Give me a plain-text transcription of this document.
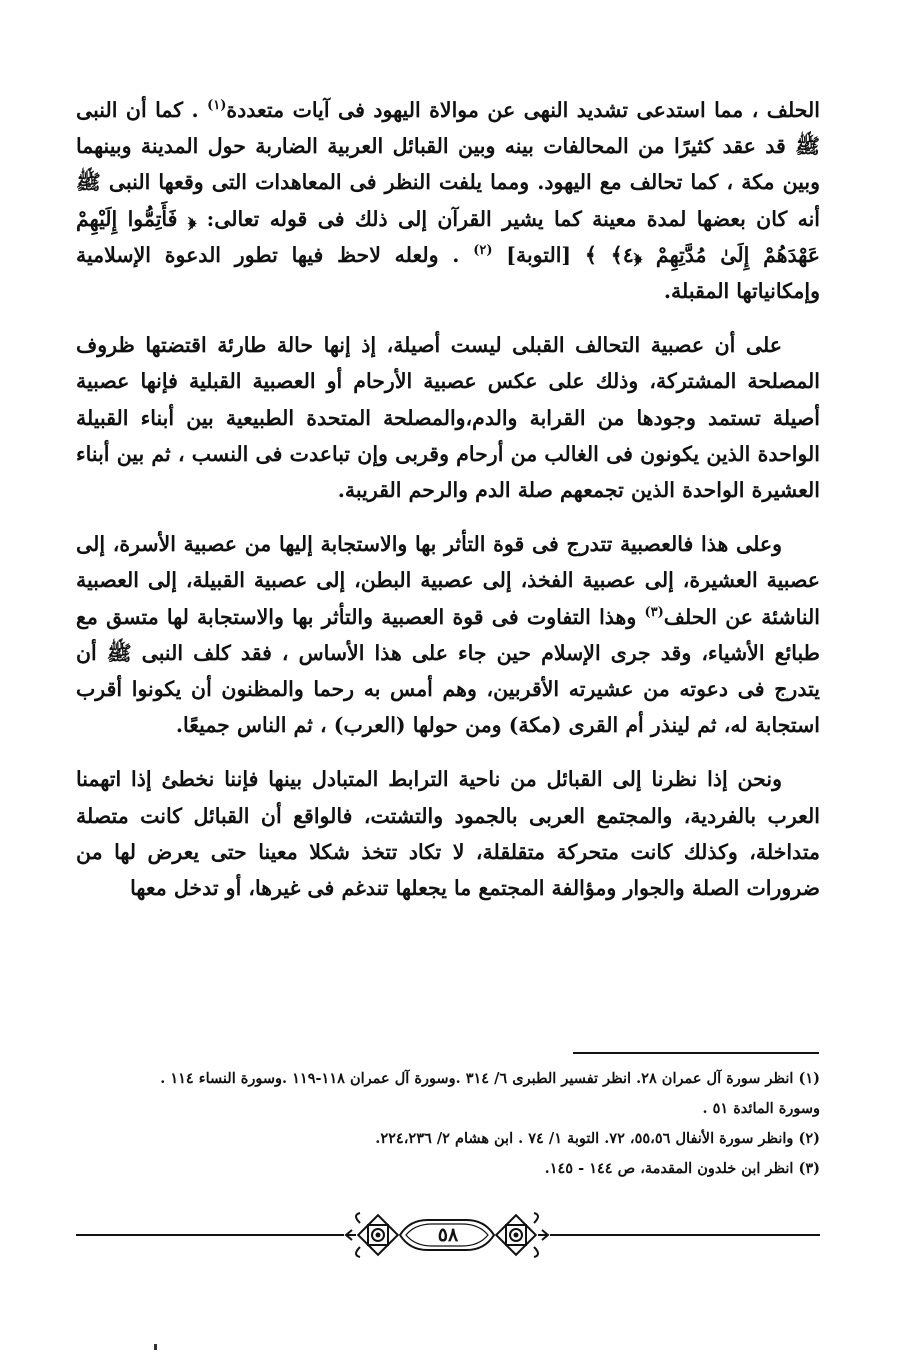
الحلف ، مما استدعى تشديد النهى عن موالاة اليهود فى آيات متعددة$^{(١)}$ . كما أن النبى ﷺ قد عقد كثيرًا من المحالفات بينه وبين القبائل العربية الضاربة حول المدينة وبينهما وبين مكة ، كما تحالف مع اليهود. ومما يلفت النظر فى المعاهدات التى وقعها النبى ﷺ أنه كان بعضها لمدة معينة كما يشير القرآن إلى ذلك فى قوله تعالى: ﴿ فَأَتِمُّوا إِلَيْهِمْ عَهْدَهُمْ إِلَىٰ مُدَّتِهِمْ ﴿٤﴾ ﴾ [التوبة] $^{(٢)}$ . ولعله لاحظ فيها تطور الدعوة الإسلامية وإمكانياتها المقبلة.

على أن عصبية التحالف القبلى ليست أصيلة، إذ إنها حالة طارئة اقتضتها ظروف المصلحة المشتركة، وذلك على عكس عصبية الأرحام أو العصبية القبلية فإنها عصبية أصيلة تستمد وجودها من القرابة والدم،والمصلحة المتحدة الطبيعية بين أبناء القبيلة الواحدة الذين يكونون فى الغالب من أرحام وقربى وإن تباعدت فى النسب ، ثم بين أبناء العشيرة الواحدة الذين تجمعهم صلة الدم والرحم القريبة.

وعلى هذا فالعصبية تتدرج فى قوة التأثر بها والاستجابة إليها من عصبية الأسرة، إلى عصبية العشيرة، إلى عصبية الفخذ، إلى عصبية البطن، إلى عصبية القبيلة، إلى العصبية الناشئة عن الحلف$^{(٣)}$ وهذا التفاوت فى قوة العصبية والتأثر بها والاستجابة لها متسق مع طبائع الأشياء، وقد جرى الإسلام حين جاء على هذا الأساس ، فقد كلف النبى ﷺ أن يتدرج فى دعوته من عشيرته الأقربين، وهم أمس به رحما والمظنون أن يكونوا أقرب استجابة له، ثم لينذر أم القرى (مكة) ومن حولها (العرب) ، ثم الناس جميعًا.

ونحن إذا نظرنا إلى القبائل من ناحية الترابط المتبادل بينها فإننا نخطئ إذا اتهمنا العرب بالفردية، والمجتمع العربى بالجمود والتشتت، فالواقع أن القبائل كانت متصلة متداخلة، وكذلك كانت متحركة متقلقلة، لا تكاد تتخذ شكلا معينا حتى يعرض لها من ضرورات الصلة والجوار ومؤالفة المجتمع ما يجعلها تندغم فى غيرها، أو تدخل معها

(١) انظر سورة آل عمران ٢٨. انظر تفسير الطبرى ٦/ ٣١٤ .وسورة آل عمران ١١٨-١١٩ .وسورة النساء ١١٤ .

وسورة المائدة ٥١ .

(٢) وانظر سورة الأنفال ٥٥،٥٦، ٧٢. التوبة ١/ ٧٤ . ابن هشام ٢/ ٢٢٤،٢٣٦.

(٣) انظر ابن خلدون المقدمة، ص ١٤٤ - ١٤٥.

٥٨
